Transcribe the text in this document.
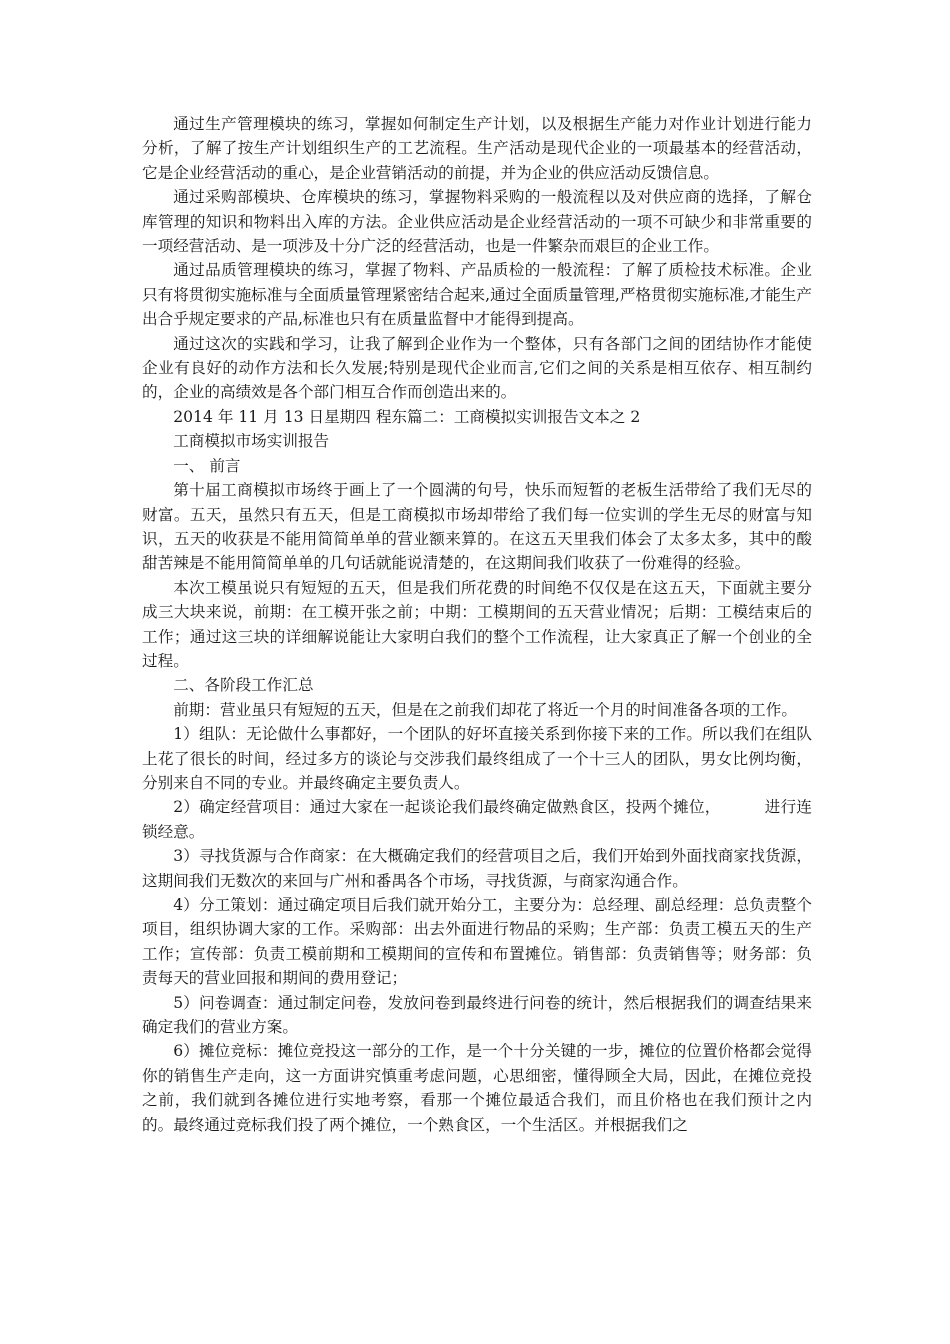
通过生产管理模块的练习，掌握如何制定生产计划，以及根据生产能力对作业计划进行能力分析，了解了按生产计划组织生产的工艺流程。生产活动是现代企业的一项最基本的经营活动，它是企业经营活动的重心，是企业营销活动的前提，并为企业的供应活动反馈信息。

通过采购部模块、仓库模块的练习，掌握物料采购的一般流程以及对供应商的选择，了解仓库管理的知识和物料出入库的方法。企业供应活动是企业经营活动的一项不可缺少和非常重要的一项经营活动、是一项涉及十分广泛的经营活动，也是一件繁杂而艰巨的企业工作。

通过品质管理模块的练习，掌握了物料、产品质检的一般流程：了解了质检技术标准。企业只有将贯彻实施标准与全面质量管理紧密结合起来,通过全面质量管理,严格贯彻实施标准,才能生产出合乎规定要求的产品,标准也只有在质量监督中才能得到提高。

通过这次的实践和学习，让我了解到企业作为一个整体，只有各部门之间的团结协作才能使企业有良好的动作方法和长久发展;特别是现代企业而言,它们之间的关系是相互依存、相互制约的，企业的高绩效是各个部门相互合作而创造出来的。

2014 年 11 月 13 日星期四 程东篇二：工商模拟实训报告文本之 2

工商模拟市场实训报告

一、 前言

第十届工商模拟市场终于画上了一个圆满的句号，快乐而短暂的老板生活带给了我们无尽的财富。五天，虽然只有五天，但是工商模拟市场却带给了我们每一位实训的学生无尽的财富与知识，五天的收获是不能用简简单单的营业额来算的。在这五天里我们体会了太多太多，其中的酸甜苦辣是不能用简简单单的几句话就能说清楚的，在这期间我们收获了一份难得的经验。

本次工模虽说只有短短的五天，但是我们所花费的时间绝不仅仅是在这五天，下面就主要分成三大块来说，前期：在工模开张之前；中期：工模期间的五天营业情况；后期：工模结束后的工作；通过这三块的详细解说能让大家明白我们的整个工作流程，让大家真正了解一个创业的全过程。

二、各阶段工作汇总

前期：营业虽只有短短的五天，但是在之前我们却花了将近一个月的时间准备各项的工作。

1）组队：无论做什么事都好，一个团队的好坏直接关系到你接下来的工作。所以我们在组队上花了很长的时间，经过多方的谈论与交涉我们最终组成了一个十三人的团队，男女比例均衡，分别来自不同的专业。并最终确定主要负责人。

2）确定经营项目：通过大家在一起谈论我们最终确定做熟食区，投两个摊位，	进行连锁经意。

3）寻找货源与合作商家：在大概确定我们的经营项目之后，我们开始到外面找商家找货源，这期间我们无数次的来回与广州和番禺各个市场，寻找货源，与商家沟通合作。

4）分工策划：通过确定项目后我们就开始分工，主要分为：总经理、副总经理：总负责整个项目，组织协调大家的工作。采购部：出去外面进行物品的采购；生产部：负责工模五天的生产工作；宣传部：负责工模前期和工模期间的宣传和布置摊位。销售部：负责销售等；财务部：负责每天的营业回报和期间的费用登记；

5）问卷调查：通过制定问卷，发放问卷到最终进行问卷的统计，然后根据我们的调查结果来确定我们的营业方案。

6）摊位竞标：摊位竞投这一部分的工作，是一个十分关键的一步，摊位的位置价格都会觉得你的销售生产走向，这一方面讲究慎重考虑问题，心思细密，懂得顾全大局，因此，在摊位竞投之前，我们就到各摊位进行实地考察，看那一个摊位最适合我们，而且价格也在我们预计之内的。最终通过竞标我们投了两个摊位，一个熟食区，一个生活区。并根据我们之
